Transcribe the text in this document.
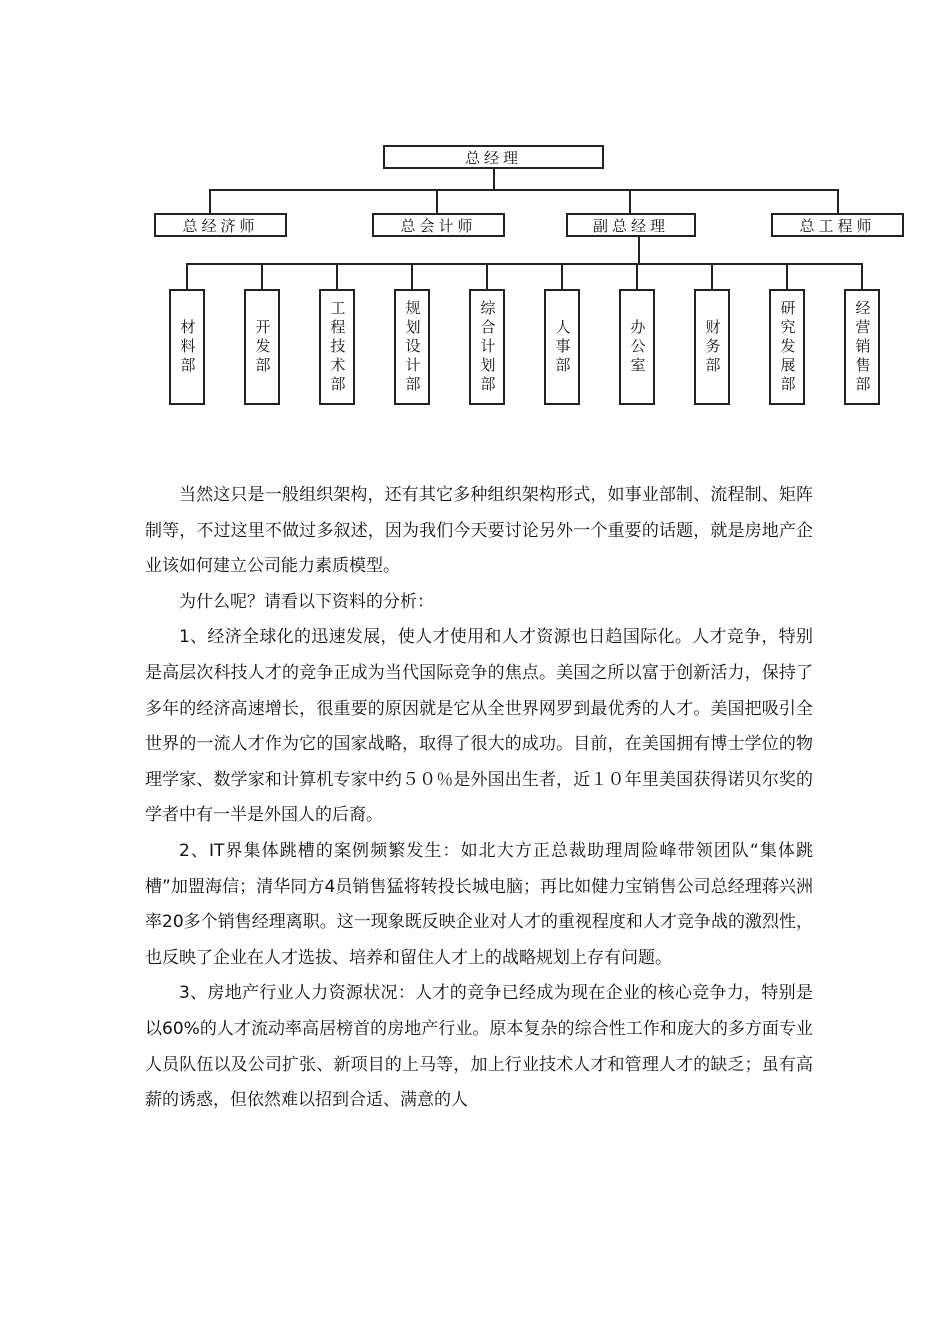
总经理
总经济师	总会计师	副总经理	总工程师
材料部	开发部	工程技术部	规划设计部	综合计划部	人事部	办公室	财务部	研究发展部	经营销售部

当然这只是一般组织架构，还有其它多种组织架构形式，如事业部制、流程制、矩阵制等，不过这里不做过多叙述，因为我们今天要讨论另外一个重要的话题，就是房地产企业该如何建立公司能力素质模型。

为什么呢？请看以下资料的分析：

1、经济全球化的迅速发展，使人才使用和人才资源也日趋国际化。人才竞争，特别是高层次科技人才的竞争正成为当代国际竞争的焦点。美国之所以富于创新活力，保持了多年的经济高速增长，很重要的原因就是它从全世界网罗到最优秀的人才。美国把吸引全世界的一流人才作为它的国家战略，取得了很大的成功。目前，在美国拥有博士学位的物理学家、数学家和计算机专家中约５０％是外国出生者，近１０年里美国获得诺贝尔奖的学者中有一半是外国人的后裔。

2、IT界集体跳槽的案例频繁发生：如北大方正总裁助理周险峰带领团队“集体跳槽”加盟海信；清华同方4员销售猛将转投长城电脑；再比如健力宝销售公司总经理蒋兴洲率20多个销售经理离职。这一现象既反映企业对人才的重视程度和人才竞争战的激烈性，也反映了企业在人才选拔、培养和留住人才上的战略规划上存有问题。

3、房地产行业人力资源状况：人才的竞争已经成为现在企业的核心竞争力，特别是以60%的人才流动率高居榜首的房地产行业。原本复杂的综合性工作和庞大的多方面专业人员队伍以及公司扩张、新项目的上马等，加上行业技术人才和管理人才的缺乏；虽有高薪的诱惑，但依然难以招到合适、满意的人
